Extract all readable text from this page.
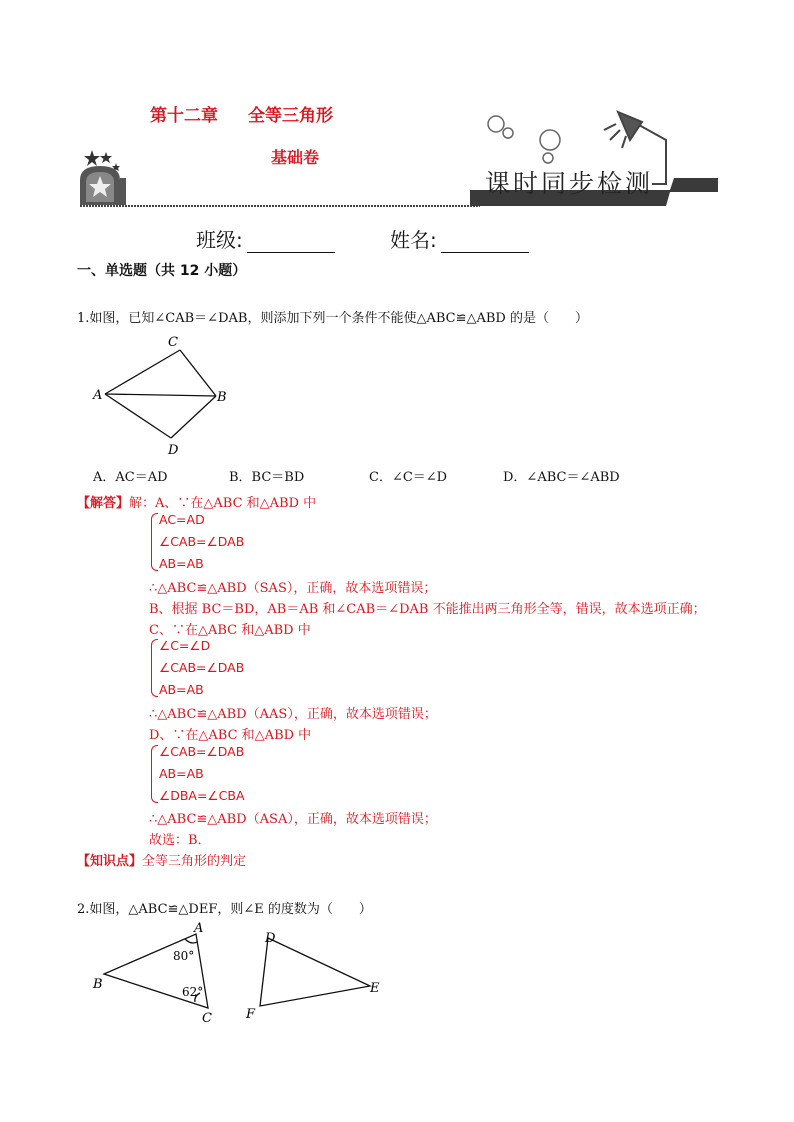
第十二章 全等三角形
基础卷
课时同步检测
班级:	姓名:
一、单选题（共 12 小题）
1.如图，已知∠CAB＝∠DAB，则添加下列一个条件不能使△ABC≌△ABD 的是（　　）
C
A	B
D
A．AC＝AD	B．BC＝BD	C．∠C＝∠D	D．∠ABC＝∠ABD
【解答】解：A、∵在△ABC 和△ABD 中
AC=AD
∠CAB=∠DAB
AB=AB
∴△ABC≌△ABD（SAS），正确，故本选项错误；
B、根据 BC＝BD，AB＝AB 和∠CAB＝∠DAB 不能推出两三角形全等，错误，故本选项正确；
C、∵在△ABC 和△ABD 中
∠C=∠D
∠CAB=∠DAB
AB=AB
∴△ABC≌△ABD（AAS），正确，故本选项错误；
D、∵在△ABC 和△ABD 中
∠CAB=∠DAB
AB=AB
∠DBA=∠CBA
∴△ABC≌△ABD（ASA），正确，故本选项错误；
故选：B．
【知识点】全等三角形的判定
2.如图，△ABC≌△DEF，则∠E 的度数为（　　）
A
B
C
80°
62°
D
E
F
